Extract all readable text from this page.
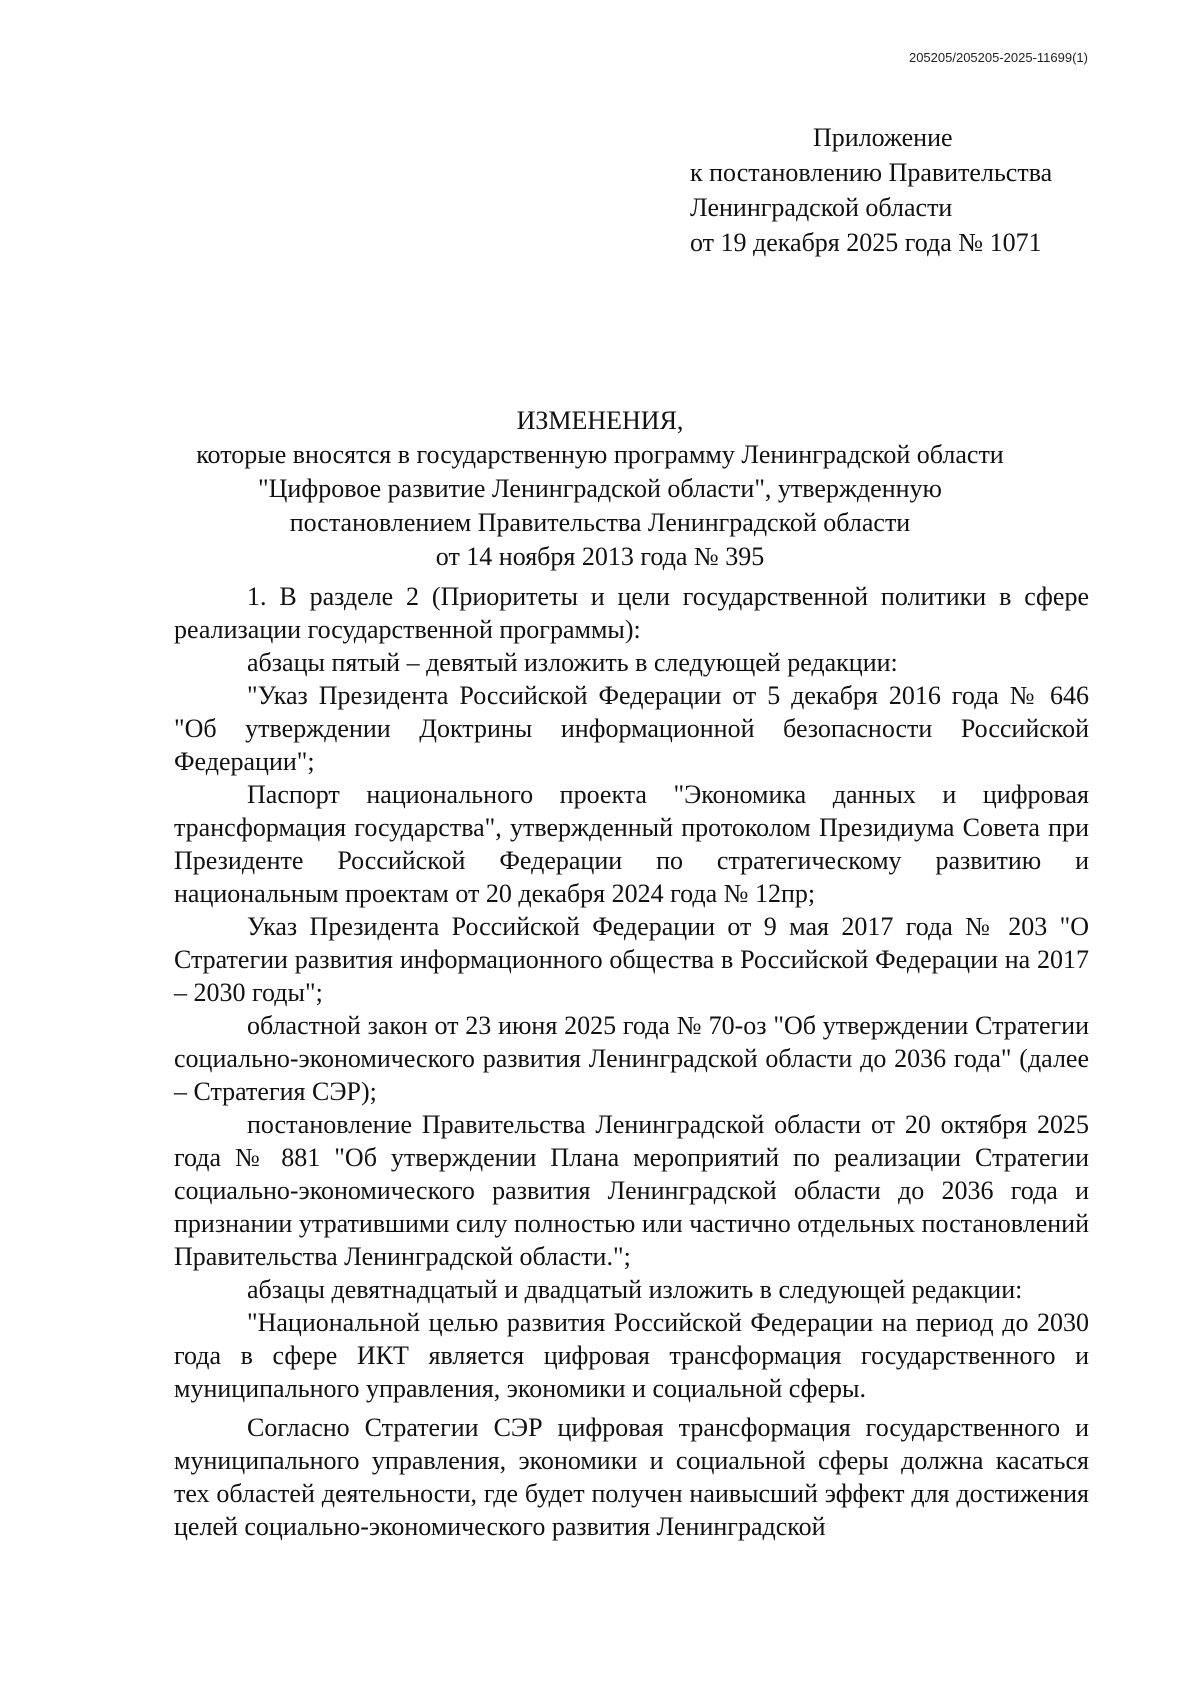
205205/205205-2025-11699(1)
Приложение
к постановлению Правительства
Ленинградской области
от 19 декабря 2025 года № 1071
ИЗМЕНЕНИЯ,
которые вносятся в государственную программу Ленинградской области
"Цифровое развитие Ленинградской области", утвержденную
постановлением Правительства Ленинградской области
от 14 ноября 2013 года № 395

1. В разделе 2 (Приоритеты и цели государственной политики в сфере реализации государственной программы):

абзацы пятый – девятый изложить в следующей редакции:

"Указ Президента Российской Федерации от 5 декабря 2016 года № 646 "Об утверждении Доктрины информационной безопасности Российской Федерации";

Паспорт национального проекта "Экономика данных и цифровая трансформация государства", утвержденный протоколом Президиума Совета при Президенте Российской Федерации по стратегическому развитию и национальным проектам от 20 декабря 2024 года № 12пр;

Указ Президента Российской Федерации от 9 мая 2017 года № 203 "О Стратегии развития информационного общества в Российской Федерации на 2017 – 2030 годы";

областной закон от 23 июня 2025 года № 70-оз "Об утверждении Стратегии социально-экономического развития Ленинградской области до 2036 года" (далее – Стратегия СЭР);

постановление Правительства Ленинградской области от 20 октября 2025 года № 881 "Об утверждении Плана мероприятий по реализации Стратегии социально-экономического развития Ленинградской области до 2036 года и признании утратившими силу полностью или частично отдельных постановлений Правительства Ленинградской области.";

абзацы девятнадцатый и двадцатый изложить в следующей редакции:

"Национальной целью развития Российской Федерации на период до 2030 года в сфере ИКТ является цифровая трансформация государственного и муниципального управления, экономики и социальной сферы.

Согласно Стратегии СЭР цифровая трансформация государственного и муниципального управления, экономики и социальной сферы должна касаться тех областей деятельности, где будет получен наивысший эффект для достижения целей социально-экономического развития Ленинградской
